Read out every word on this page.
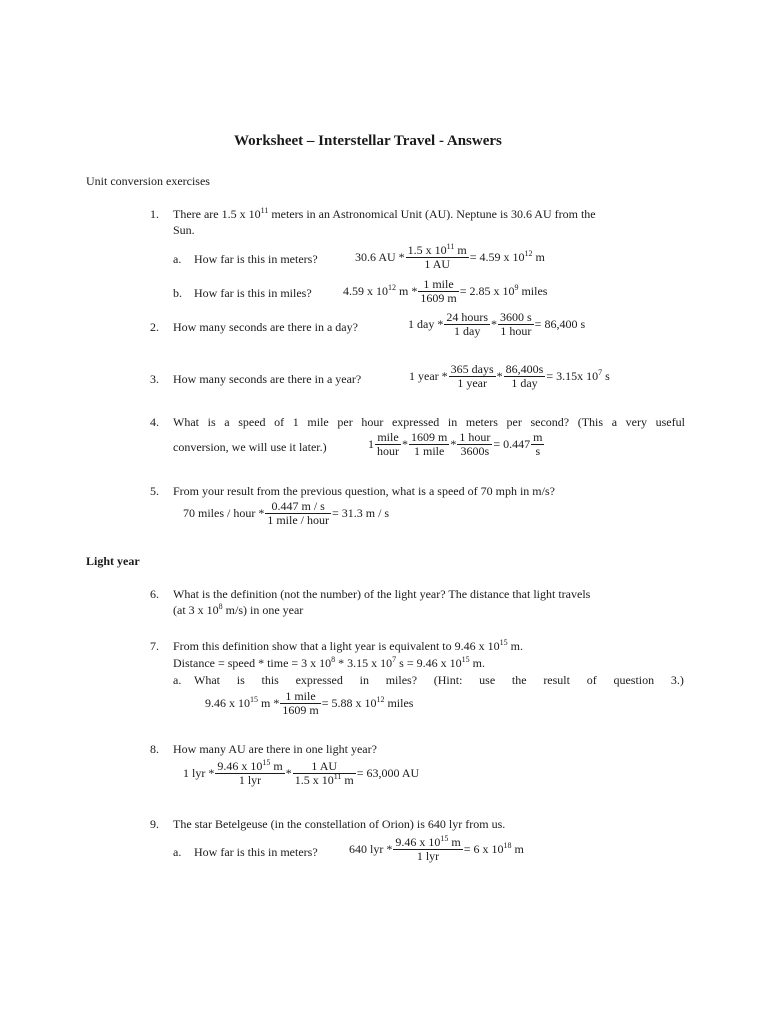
Worksheet – Interstellar Travel - Answers
Unit conversion exercises
1. There are 1.5 x $10^{11}$ meters in an Astronomical Unit (AU). Neptune is 30.6 AU from the
Sun.
a. How far is this in meters?	30.6 AU * $\frac{1.5 x 10^{11} m}{1 AU} = 4.59$ x $10^{12}$ m
b. How far is this in miles?	4.59 x $10^{12}$ $m * \frac{\text{1 mile}}{1609 m} = 2.85$ x $10^9$ miles
2. How many seconds are there in a day?	1 day * $\frac{\text{24 hours}}{\text{1 day}} * \frac{3600 s}{\text{1 hour}} = 86,400$ s
3. How many seconds are there in a year?	1 year * $\frac{\text{365 days}}{\text{1 year}} * \frac{86,400s}{\text{1 day}} = 3.15x$ $10^7$ s
4. What is a speed of 1 mile per hour expressed in meters per second? (This a very useful
conversion, we will use it later.)	$1 \frac{\text{mile}}{\text{hour}} * \frac{1609 m}{\text{1 mile}} * \frac{\text{1 hour}}{3600s} = 0.447 \frac{m}{s}$
5. From your result from the previous question, what is a speed of 70 mph in m/s?
70 miles / hour * $\frac{0.447 m / s}{\text{1 mile / hour}} = 31.3$ m / s
Light year
6. What is the definition (not the number) of the light year? The distance that light travels
(at 3 x $10^8$ m/s) in one year
7. From this definition show that a light year is equivalent to 9.46 x $10^{15}$ m.
Distance = speed * time = 3 x $10^8 * 3.15$ x $10^7$ s = 9.46 x $10^{15}$ m.
a. What is this expressed in miles? (Hint: use the result of question 3.)
9.46 x $10^{15}$ $m * \frac{\text{1 mile}}{1609 m} = 5.88$ x $10^{12}$ miles
8. How many AU are there in one light year?
1 lyr * $\frac{9.46 x 10^{15} m}{\text{1 lyr}} * \frac{1 AU}{1.5 x 10^{11} m} = 63,000$ AU
9. The star Betelgeuse (in the constellation of Orion) is 640 lyr from us.
a. How far is this in meters?	640 lyr * $\frac{9.46 x 10^{15} m}{\text{1 lyr}} = 6$ x $10^{18}$ m
